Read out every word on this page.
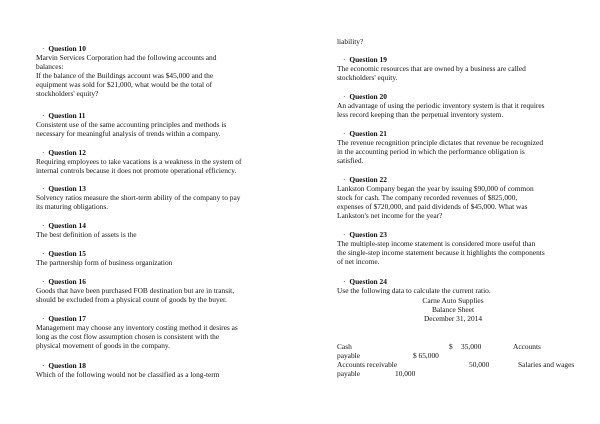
· Question 10
Marvin Services Corporation had the following accounts and
balances:
If the balance of the Buildings account was $45,000 and the
equipment was sold for $21,000, what would be the total of
stockholders' equity?
· Question 11
Consistent use of the same accounting principles and methods is
necessary for meaningful analysis of trends within a company.
· Question 12
Requiring employees to take vacations is a weakness in the system of
internal controls because it does not promote operational efficiency.
· Question 13
Solvency ratios measure the short-term ability of the company to pay
its maturing obligations.
· Question 14
The best definition of assets is the
· Question 15
The partnership form of business organization
· Question 16
Goods that have been purchased FOB destination but are in transit,
should be excluded from a physical count of goods by the buyer.
· Question 17
Management may choose any inventory costing method it desires as
long as the cost flow assumption chosen is consistent with the
physical movement of goods in the company.
· Question 18
Which of the following would not be classified as a long-term
liability?
· Question 19
The economic resources that are owned by a business are called
stockholders' equity.
· Question 20
An advantage of using the periodic inventory system is that it requires
less record keeping than the perpetual inventory system.
· Question 21
The revenue recognition principle dictates that revenue be recognized
in the accounting period in which the performance obligation is
satisfied.
· Question 22
Lankston Company began the year by issuing $90,000 of common
stock for cash. The company recorded revenues of $825,000,
expenses of $720,000, and paid dividends of $45,000. What was
Lankston's net income for the year?
· Question 23
The multiple-step income statement is considered more useful than
the single-step income statement because it highlights the components
of net income.
· Question 24
Use the following data to calculate the current ratio.
Carne Auto Supplies
Balance Sheet
December 31, 2014
Cash	$ 35,000	Accounts
payable	$ 65,000
Accounts receivable	50,000	Salaries and wages
payable	10,000
